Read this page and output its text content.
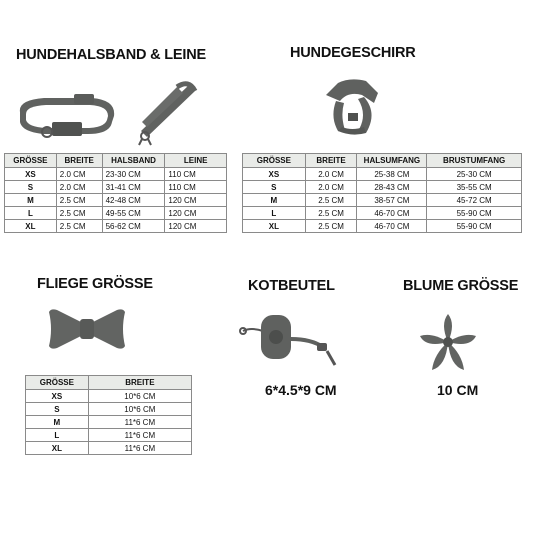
HUNDEHALSBAND & LEINE	HUNDEGESCHIRR
FLIEGE GRÖSSE	KOTBEUTEL	BLUME GRÖSSE
GRÖSSE	BREITE	HALSBAND	LEINE
XS	2.0 CM	23-30 CM	110 CM
S	2.0 CM	31-41 CM	110 CM
M	2.5 CM	42-48 CM	120 CM
L	2.5 CM	49-55 CM	120 CM
XL	2.5 CM	56-62 CM	120 CM
GRÖSSE	BREITE	HALSUMFANG	BRUSTUMFANG
XS	2.0 CM	25-38 CM	25-30 CM
S	2.0 CM	28-43 CM	35-55 CM
M	2.5 CM	38-57 CM	45-72 CM
L	2.5 CM	46-70 CM	55-90 CM
XL	2.5 CM	46-70 CM	55-90 CM
GRÖSSE	BREITE
XS	10*6 CM
S	10*6 CM
M	11*6 CM
L	11*6 CM
XL	11*6 CM
6*4.5*9 CM	10 CM
